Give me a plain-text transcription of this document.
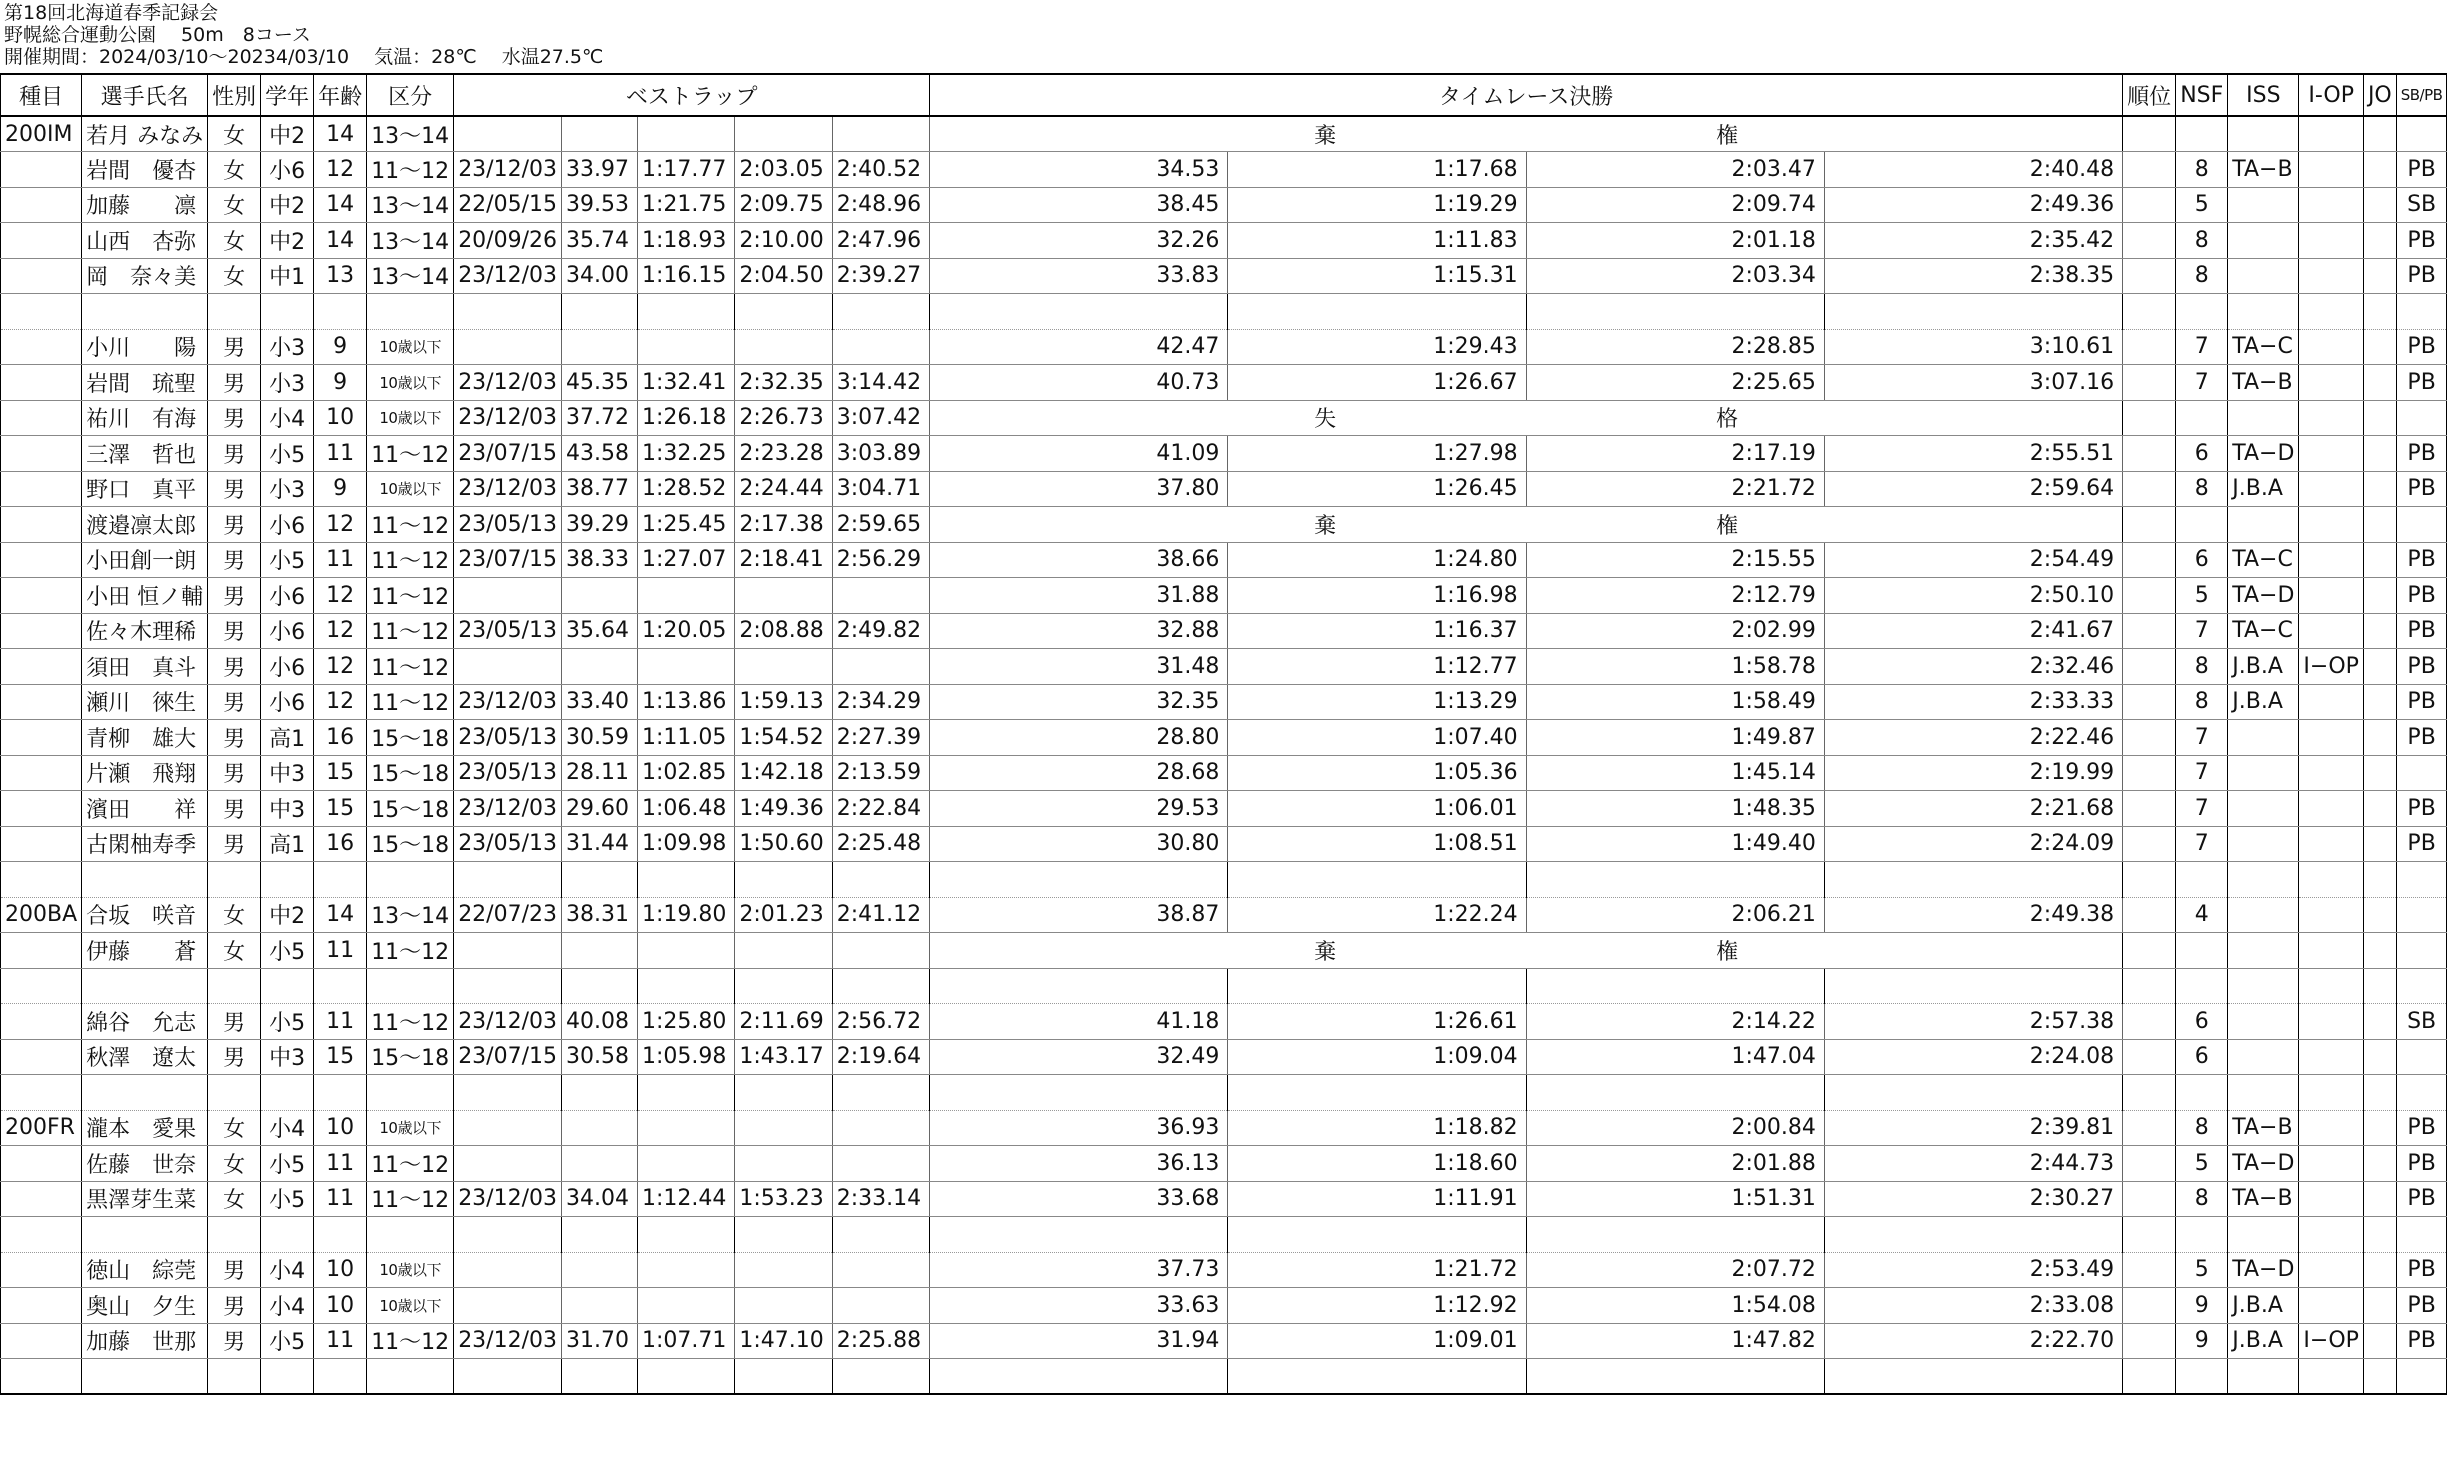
第18回北海道春季記録会
野幌総合運動公園　 50m　8コース
開催期間：2024/03/10～20234/03/10　 気温：28℃　 水温27.5℃
種目	選手氏名	性別	学年	年齢	区分	ベストラップ					タイムレース決勝				順位	NSF	ISS	I-OP	JO	SB/PB
200IM	若月 みなみ	女	中2	14	13～14						棄権									
	岩間　優杏	女	小6	12	11～12	23/12/03	33.97	1:17.77	2:03.05	2:40.52	34.53	1:17.68	2:03.47	2:40.48		8	TA−B			PB
	加藤　　凛	女	中2	14	13～14	22/05/15	39.53	1:21.75	2:09.75	2:48.96	38.45	1:19.29	2:09.74	2:49.36		5				SB
	山西　杏弥	女	中2	14	13～14	20/09/26	35.74	1:18.93	2:10.00	2:47.96	32.26	1:11.83	2:01.18	2:35.42		8				PB
	岡　奈々美	女	中1	13	13～14	23/12/03	34.00	1:16.15	2:04.50	2:39.27	33.83	1:15.31	2:03.34	2:38.35		8				PB

	小川　　陽	男	小3	9	10歳以下						42.47	1:29.43	2:28.85	3:10.61		7	TA−C			PB
	岩間　琉聖	男	小3	9	10歳以下	23/12/03	45.35	1:32.41	2:32.35	3:14.42	40.73	1:26.67	2:25.65	3:07.16		7	TA−B			PB
	祐川　有海	男	小4	10	10歳以下	23/12/03	37.72	1:26.18	2:26.73	3:07.42	失格									
	三澤　哲也	男	小5	11	11～12	23/07/15	43.58	1:32.25	2:23.28	3:03.89	41.09	1:27.98	2:17.19	2:55.51		6	TA−D			PB
	野口　真平	男	小3	9	10歳以下	23/12/03	38.77	1:28.52	2:24.44	3:04.71	37.80	1:26.45	2:21.72	2:59.64		8	J.B.A			PB
	渡邉凛太郎	男	小6	12	11～12	23/05/13	39.29	1:25.45	2:17.38	2:59.65	棄権									
	小田創一朗	男	小5	11	11～12	23/07/15	38.33	1:27.07	2:18.41	2:56.29	38.66	1:24.80	2:15.55	2:54.49		6	TA−C			PB
	小田 恒ノ輔	男	小6	12	11～12						31.88	1:16.98	2:12.79	2:50.10		5	TA−D			PB
	佐々木理稀	男	小6	12	11～12	23/05/13	35.64	1:20.05	2:08.88	2:49.82	32.88	1:16.37	2:02.99	2:41.67		7	TA−C			PB
	須田　真斗	男	小6	12	11～12						31.48	1:12.77	1:58.78	2:32.46		8	J.B.A	I−OP		PB
	瀬川　徠生	男	小6	12	11～12	23/12/03	33.40	1:13.86	1:59.13	2:34.29	32.35	1:13.29	1:58.49	2:33.33		8	J.B.A			PB
	青柳　雄大	男	高1	16	15～18	23/05/13	30.59	1:11.05	1:54.52	2:27.39	28.80	1:07.40	1:49.87	2:22.46		7				PB
	片瀬　飛翔	男	中3	15	15～18	23/05/13	28.11	1:02.85	1:42.18	2:13.59	28.68	1:05.36	1:45.14	2:19.99		7				
	濱田　　祥	男	中3	15	15～18	23/12/03	29.60	1:06.48	1:49.36	2:22.84	29.53	1:06.01	1:48.35	2:21.68		7				PB
	古閑柚寿季	男	高1	16	15～18	23/05/13	31.44	1:09.98	1:50.60	2:25.48	30.80	1:08.51	1:49.40	2:24.09		7				PB

200BA	合坂　咲音	女	中2	14	13～14	22/07/23	38.31	1:19.80	2:01.23	2:41.12	38.87	1:22.24	2:06.21	2:49.38		4				
	伊藤　　蒼	女	小5	11	11～12						棄権									

	綿谷　允志	男	小5	11	11～12	23/12/03	40.08	1:25.80	2:11.69	2:56.72	41.18	1:26.61	2:14.22	2:57.38		6				SB
	秋澤　遼太	男	中3	15	15～18	23/07/15	30.58	1:05.98	1:43.17	2:19.64	32.49	1:09.04	1:47.04	2:24.08		6				

200FR	瀧本　愛果	女	小4	10	10歳以下						36.93	1:18.82	2:00.84	2:39.81		8	TA−B			PB
	佐藤　世奈	女	小5	11	11～12						36.13	1:18.60	2:01.88	2:44.73		5	TA−D			PB
	黒澤芽生菜	女	小5	11	11～12	23/12/03	34.04	1:12.44	1:53.23	2:33.14	33.68	1:11.91	1:51.31	2:30.27		8	TA−B			PB

	徳山　綜莞	男	小4	10	10歳以下						37.73	1:21.72	2:07.72	2:53.49		5	TA−D			PB
	奥山　夕生	男	小4	10	10歳以下						33.63	1:12.92	1:54.08	2:33.08		9	J.B.A			PB
	加藤　世那	男	小5	11	11～12	23/12/03	31.70	1:07.71	1:47.10	2:25.88	31.94	1:09.01	1:47.82	2:22.70		9	J.B.A	I−OP		PB
